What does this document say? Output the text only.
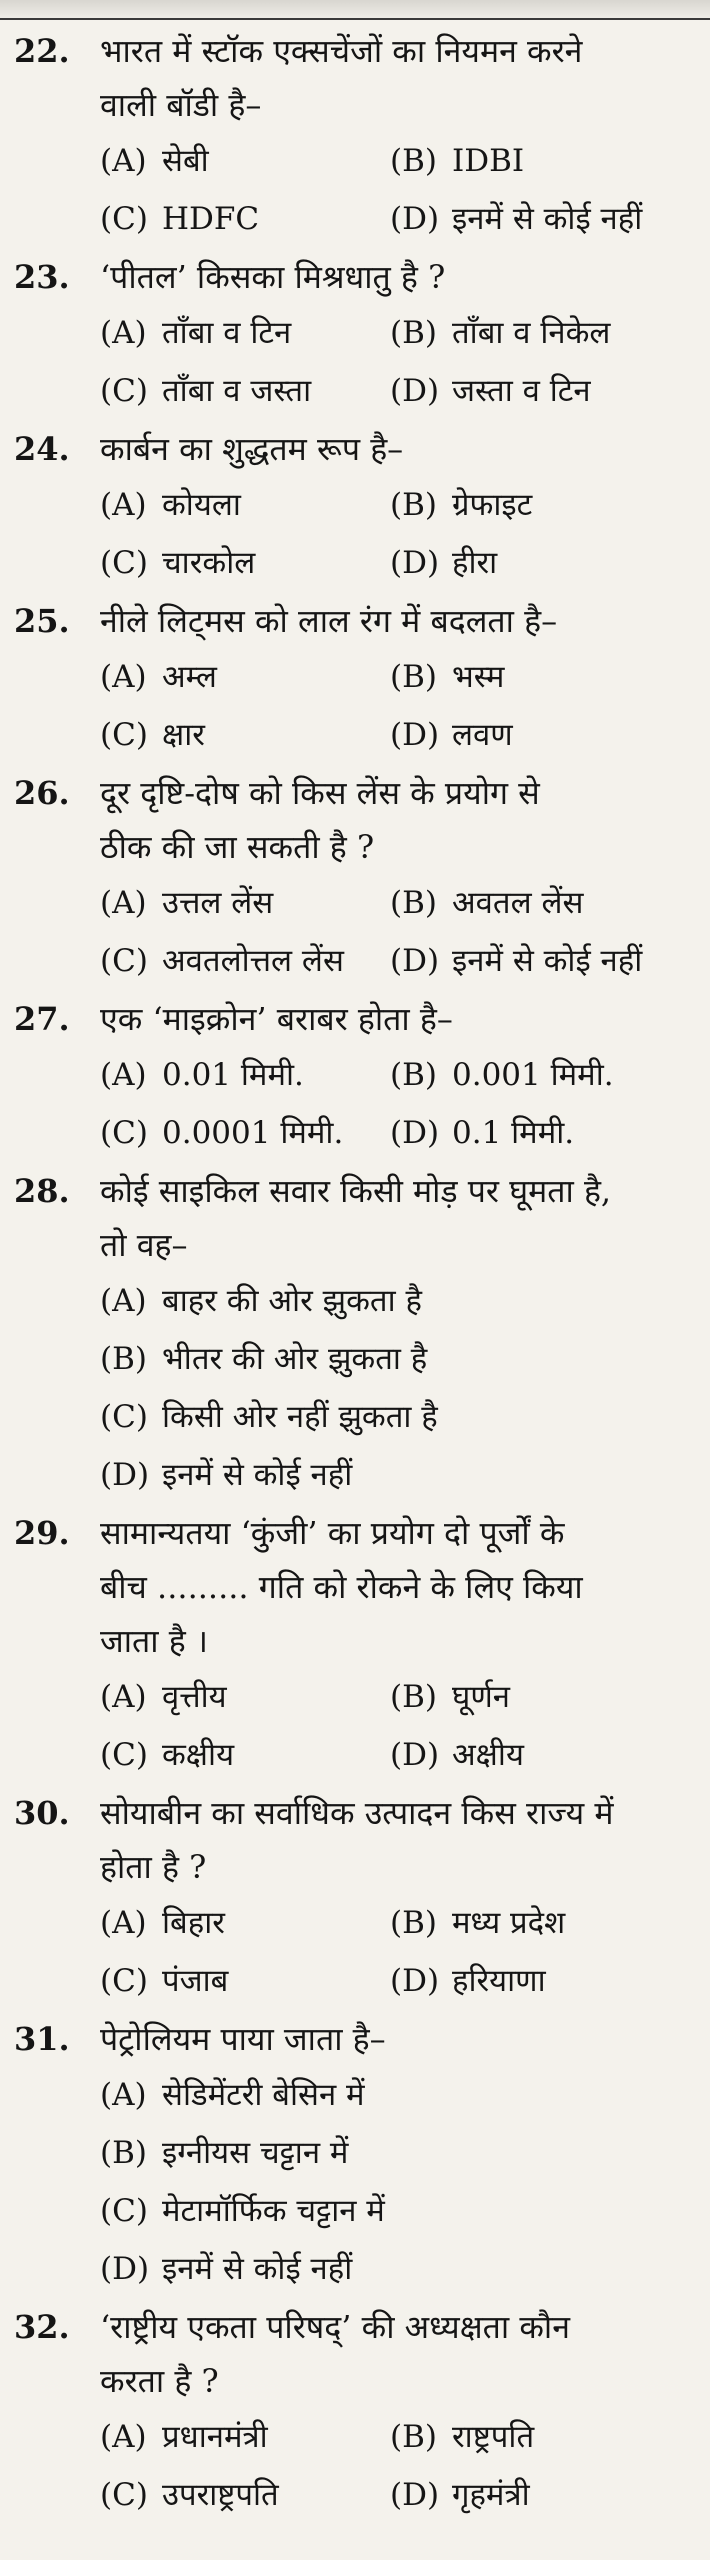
22. भारत में स्टॉक एक्सचेंजों का नियमन करने
वाली बॉडी है–
(A) सेबी	(B) IDBI
(C) HDFC	(D) इनमें से कोई नहीं
23. ‘पीतल’ किसका मिश्रधातु है ?
(A) ताँबा व टिन	(B) ताँबा व निकेल
(C) ताँबा व जस्ता	(D) जस्ता व टिन
24. कार्बन का शुद्धतम रूप है–
(A) कोयला	(B) ग्रेफाइट
(C) चारकोल	(D) हीरा
25. नीले लिट्मस को लाल रंग में बदलता है–
(A) अम्ल	(B) भस्म
(C) क्षार	(D) लवण
26. दूर दृष्टि-दोष को किस लेंस के प्रयोग से
ठीक की जा सकती है ?
(A) उत्तल लेंस	(B) अवतल लेंस
(C) अवतलोत्तल लेंस	(D) इनमें से कोई नहीं
27. एक ‘माइक्रोन’ बराबर होता है–
(A) 0.01 मिमी.	(B) 0.001 मिमी.
(C) 0.0001 मिमी.	(D) 0.1 मिमी.
28. कोई साइकिल सवार किसी मोड़ पर घूमता है,
तो वह–
(A) बाहर की ओर झुकता है
(B) भीतर की ओर झुकता है
(C) किसी ओर नहीं झुकता है
(D) इनमें से कोई नहीं
29. सामान्यतया ‘कुंजी’ का प्रयोग दो पूर्जों के
बीच ......... गति को रोकने के लिए किया
जाता है ।
(A) वृत्तीय	(B) घूर्णन
(C) कक्षीय	(D) अक्षीय
30. सोयाबीन का सर्वाधिक उत्पादन किस राज्य में
होता है ?
(A) बिहार	(B) मध्य प्रदेश
(C) पंजाब	(D) हरियाणा
31. पेट्रोलियम पाया जाता है–
(A) सेडिमेंटरी बेसिन में
(B) इग्नीयस चट्टान में
(C) मेटामॉर्फिक चट्टान में
(D) इनमें से कोई नहीं
32. ‘राष्ट्रीय एकता परिषद्’ की अध्यक्षता कौन
करता है ?
(A) प्रधानमंत्री	(B) राष्ट्रपति
(C) उपराष्ट्रपति	(D) गृहमंत्री
